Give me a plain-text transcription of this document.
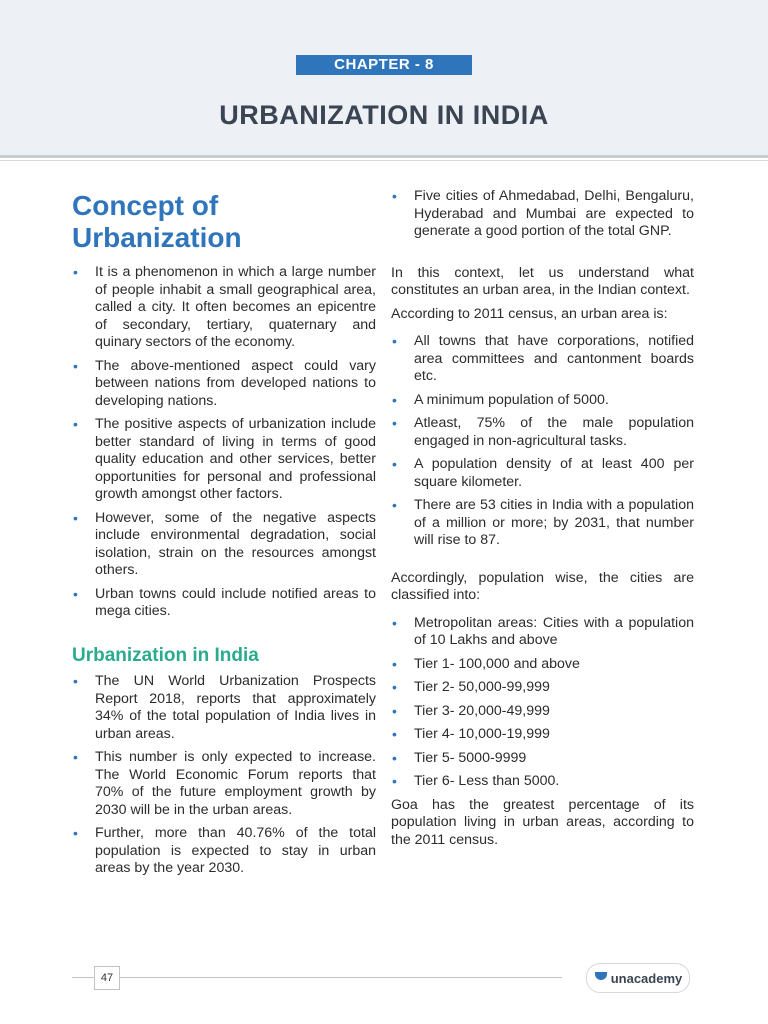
CHAPTER - 8
URBANIZATION IN INDIA
Concept of Urbanization
• It is a phenomenon in which a large number of people inhabit a small geographical area, called a city. It often becomes an epicentre of secondary, tertiary, quaternary and quinary sectors of the economy.
• The above-mentioned aspect could vary between nations from developed nations to developing nations.
• The positive aspects of urbanization include better standard of living in terms of good quality education and other services, better opportunities for personal and professional growth amongst other factors.
• However, some of the negative aspects include environmental degradation, social isolation, strain on the resources amongst others.
• Urban towns could include notified areas to mega cities.
Urbanization in India
• The UN World Urbanization Prospects Report 2018, reports that approximately 34% of the total population of India lives in urban areas.
• This number is only expected to increase. The World Economic Forum reports that 70% of the future employment growth by 2030 will be in the urban areas.
• Further, more than 40.76% of the total population is expected to stay in urban areas by the year 2030.
• Five cities of Ahmedabad, Delhi, Bengaluru, Hyderabad and Mumbai are expected to generate a good portion of the total GNP.

In this context, let us understand what constitutes an urban area, in the Indian context.

According to 2011 census, an urban area is:

• All towns that have corporations, notified area committees and cantonment boards etc.
• A minimum population of 5000.
• Atleast, 75% of the male population engaged in non-agricultural tasks.
• A population density of at least 400 per square kilometer.
• There are 53 cities in India with a population of a million or more; by 2031, that number will rise to 87.

Accordingly, population wise, the cities are classified into:

• Metropolitan areas: Cities with a population of 10 Lakhs and above
• Tier 1- 100,000 and above
• Tier 2- 50,000-99,999
• Tier 3- 20,000-49,999
• Tier 4- 10,000-19,999
• Tier 5- 5000-9999
• Tier 6- Less than 5000.

Goa has the greatest percentage of its population living in urban areas, according to the 2011 census.

47	unacademy
